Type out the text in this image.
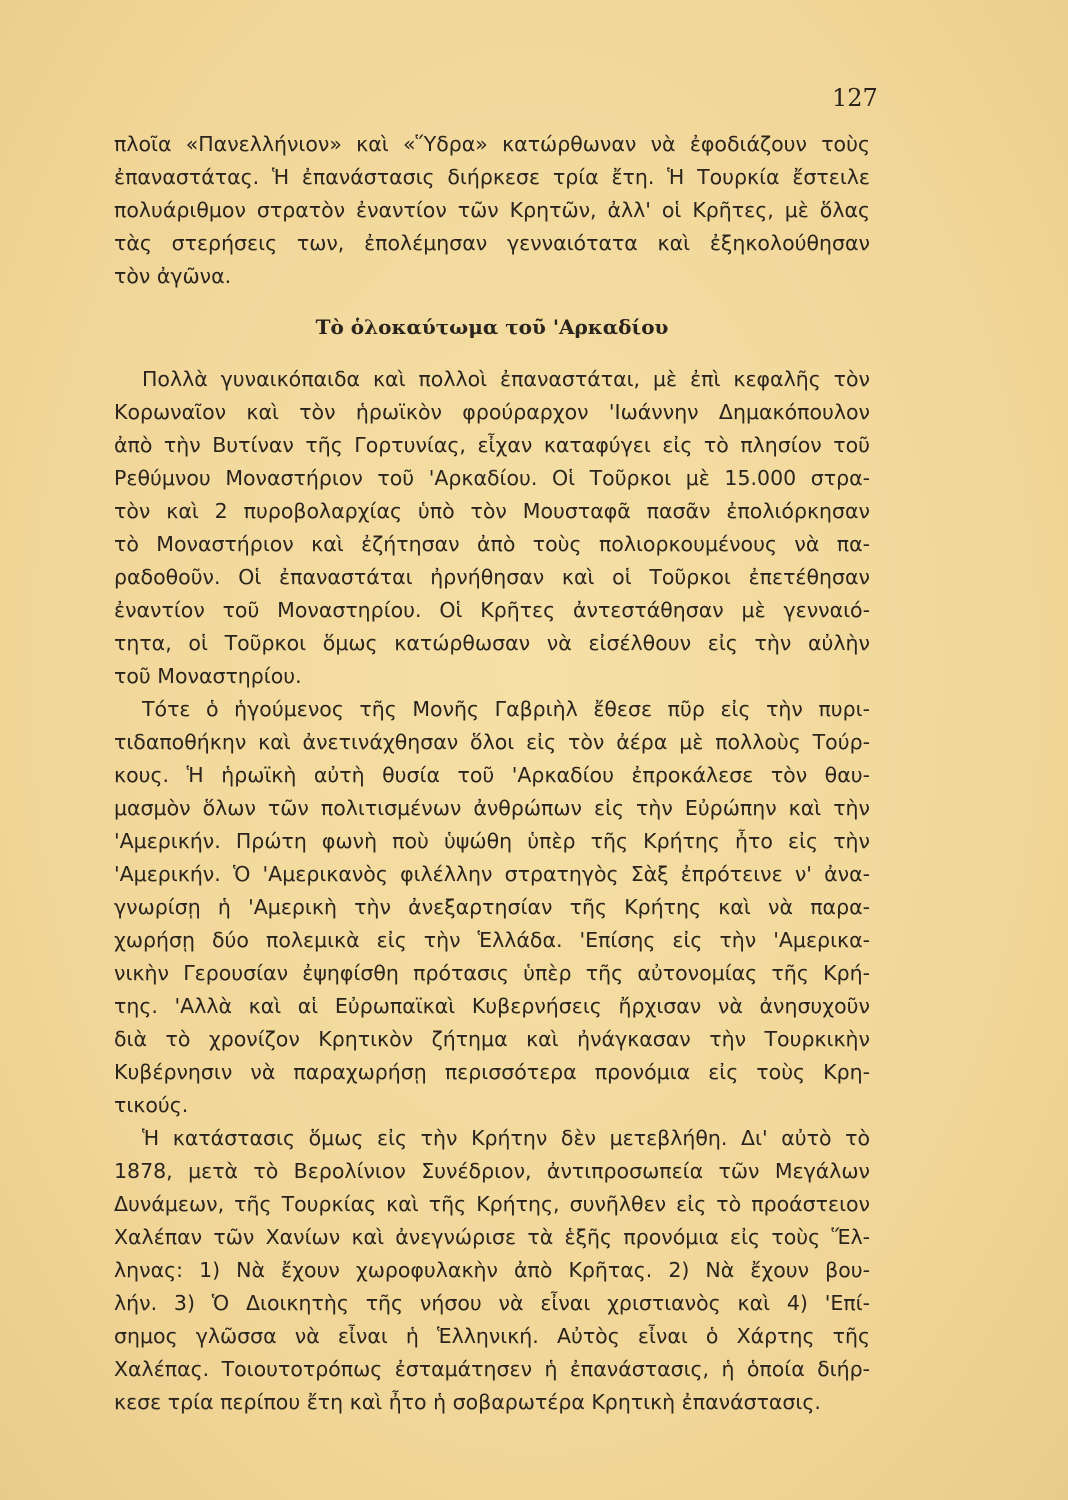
127
πλοῖα «Πανελλήνιον» καὶ «Ὕδρα» κατώρθωναν νὰ ἐφοδιάζουν τοὺς
ἐπαναστάτας. Ἡ ἐπανάστασις διήρκεσε τρία ἔτη. Ἡ Τουρκία ἔστειλε
πολυάριθμον στρατὸν ἐναντίον τῶν Κρητῶν, ἀλλ' οἱ Κρῆτες, μὲ ὅλας
τὰς στερήσεις των, ἐπολέμησαν γενναιότατα καὶ ἐξηκολούθησαν
τὸν ἀγῶνα.
Τὸ ὁλοκαύτωμα τοῦ 'Αρκαδίου
Πολλὰ γυναικόπαιδα καὶ πολλοὶ ἐπαναστάται, μὲ ἐπὶ κεφαλῆς τὸν
Κορωναῖον καὶ τὸν ἡρωϊκὸν φρούραρχον 'Ιωάννην Δημακόπουλον
ἀπὸ τὴν Βυτίναν τῆς Γορτυνίας, εἶχαν καταφύγει εἰς τὸ πλησίον τοῦ
Ρεθύμνου Μοναστήριον τοῦ 'Αρκαδίου. Οἱ Τοῦρκοι μὲ 15.000 στρα-
τὸν καὶ 2 πυροβολαρχίας ὑπὸ τὸν Μουσταφᾶ πασᾶν ἐπολιόρκησαν
τὸ Μοναστήριον καὶ ἐζήτησαν ἀπὸ τοὺς πολιορκουμένους νὰ πα-
ραδοθοῦν. Οἱ ἐπαναστάται ἠρνήθησαν καὶ οἱ Τοῦρκοι ἐπετέθησαν
ἐναντίον τοῦ Μοναστηρίου. Οἱ Κρῆτες ἀντεστάθησαν μὲ γενναιό-
τητα, οἱ Τοῦρκοι ὅμως κατώρθωσαν νὰ εἰσέλθουν εἰς τὴν αὐλὴν
τοῦ Μοναστηρίου.
Τότε ὁ ἡγούμενος τῆς Μονῆς Γαβριὴλ ἔθεσε πῦρ εἰς τὴν πυρι-
τιδαποθήκην καὶ ἀνετινάχθησαν ὅλοι εἰς τὸν ἀέρα μὲ πολλοὺς Τούρ-
κους. Ἡ ἡρωϊκὴ αὐτὴ θυσία τοῦ 'Αρκαδίου ἐπροκάλεσε τὸν θαυ-
μασμὸν ὅλων τῶν πολιτισμένων ἀνθρώπων εἰς τὴν Εὐρώπην καὶ τὴν
'Αμερικήν. Πρώτη φωνὴ ποὺ ὑψώθη ὑπὲρ τῆς Κρήτης ἦτο εἰς τὴν
'Αμερικήν. Ὁ 'Αμερικανὸς φιλέλλην στρατηγὸς Σὰξ ἐπρότεινε ν' ἀνα-
γνωρίσῃ ἡ 'Αμερικὴ τὴν ἀνεξαρτησίαν τῆς Κρήτης καὶ νὰ παρα-
χωρήσῃ δύο πολεμικὰ εἰς τὴν Ἑλλάδα. 'Επίσης εἰς τὴν 'Αμερικα-
νικὴν Γερουσίαν ἐψηφίσθη πρότασις ὑπὲρ τῆς αὐτονομίας τῆς Κρή-
της. 'Αλλὰ καὶ αἱ Εὐρωπαϊκαὶ Κυβερνήσεις ἤρχισαν νὰ ἀνησυχοῦν
διὰ τὸ χρονίζον Κρητικὸν ζήτημα καὶ ἠνάγκασαν τὴν Τουρκικὴν
Κυβέρνησιν νὰ παραχωρήσῃ περισσότερα προνόμια εἰς τοὺς Κρη-
τικούς.
Ἡ κατάστασις ὅμως εἰς τὴν Κρήτην δὲν μετεβλήθη. Δι' αὐτὸ τὸ
1878, μετὰ τὸ Βερολίνιον Συνέδριον, ἀντιπροσωπεία τῶν Μεγάλων
Δυνάμεων, τῆς Τουρκίας καὶ τῆς Κρήτης, συνῆλθεν εἰς τὸ προάστειον
Χαλέπαν τῶν Χανίων καὶ ἀνεγνώρισε τὰ ἑξῆς προνόμια εἰς τοὺς Ἕλ-
ληνας: 1) Νὰ ἔχουν χωροφυλακὴν ἀπὸ Κρῆτας. 2) Νὰ ἔχουν βου-
λήν. 3) Ὁ Διοικητὴς τῆς νήσου νὰ εἶναι χριστιανὸς καὶ 4) 'Επί-
σημος γλῶσσα νὰ εἶναι ἡ Ἑλληνική. Αὐτὸς εἶναι ὁ Χάρτης τῆς
Χαλέπας. Τοιουτοτρόπως ἐσταμάτησεν ἡ ἐπανάστασις, ἡ ὁποία διήρ-
κεσε τρία περίπου ἔτη καὶ ἦτο ἡ σοβαρωτέρα Κρητικὴ ἐπανάστασις.
